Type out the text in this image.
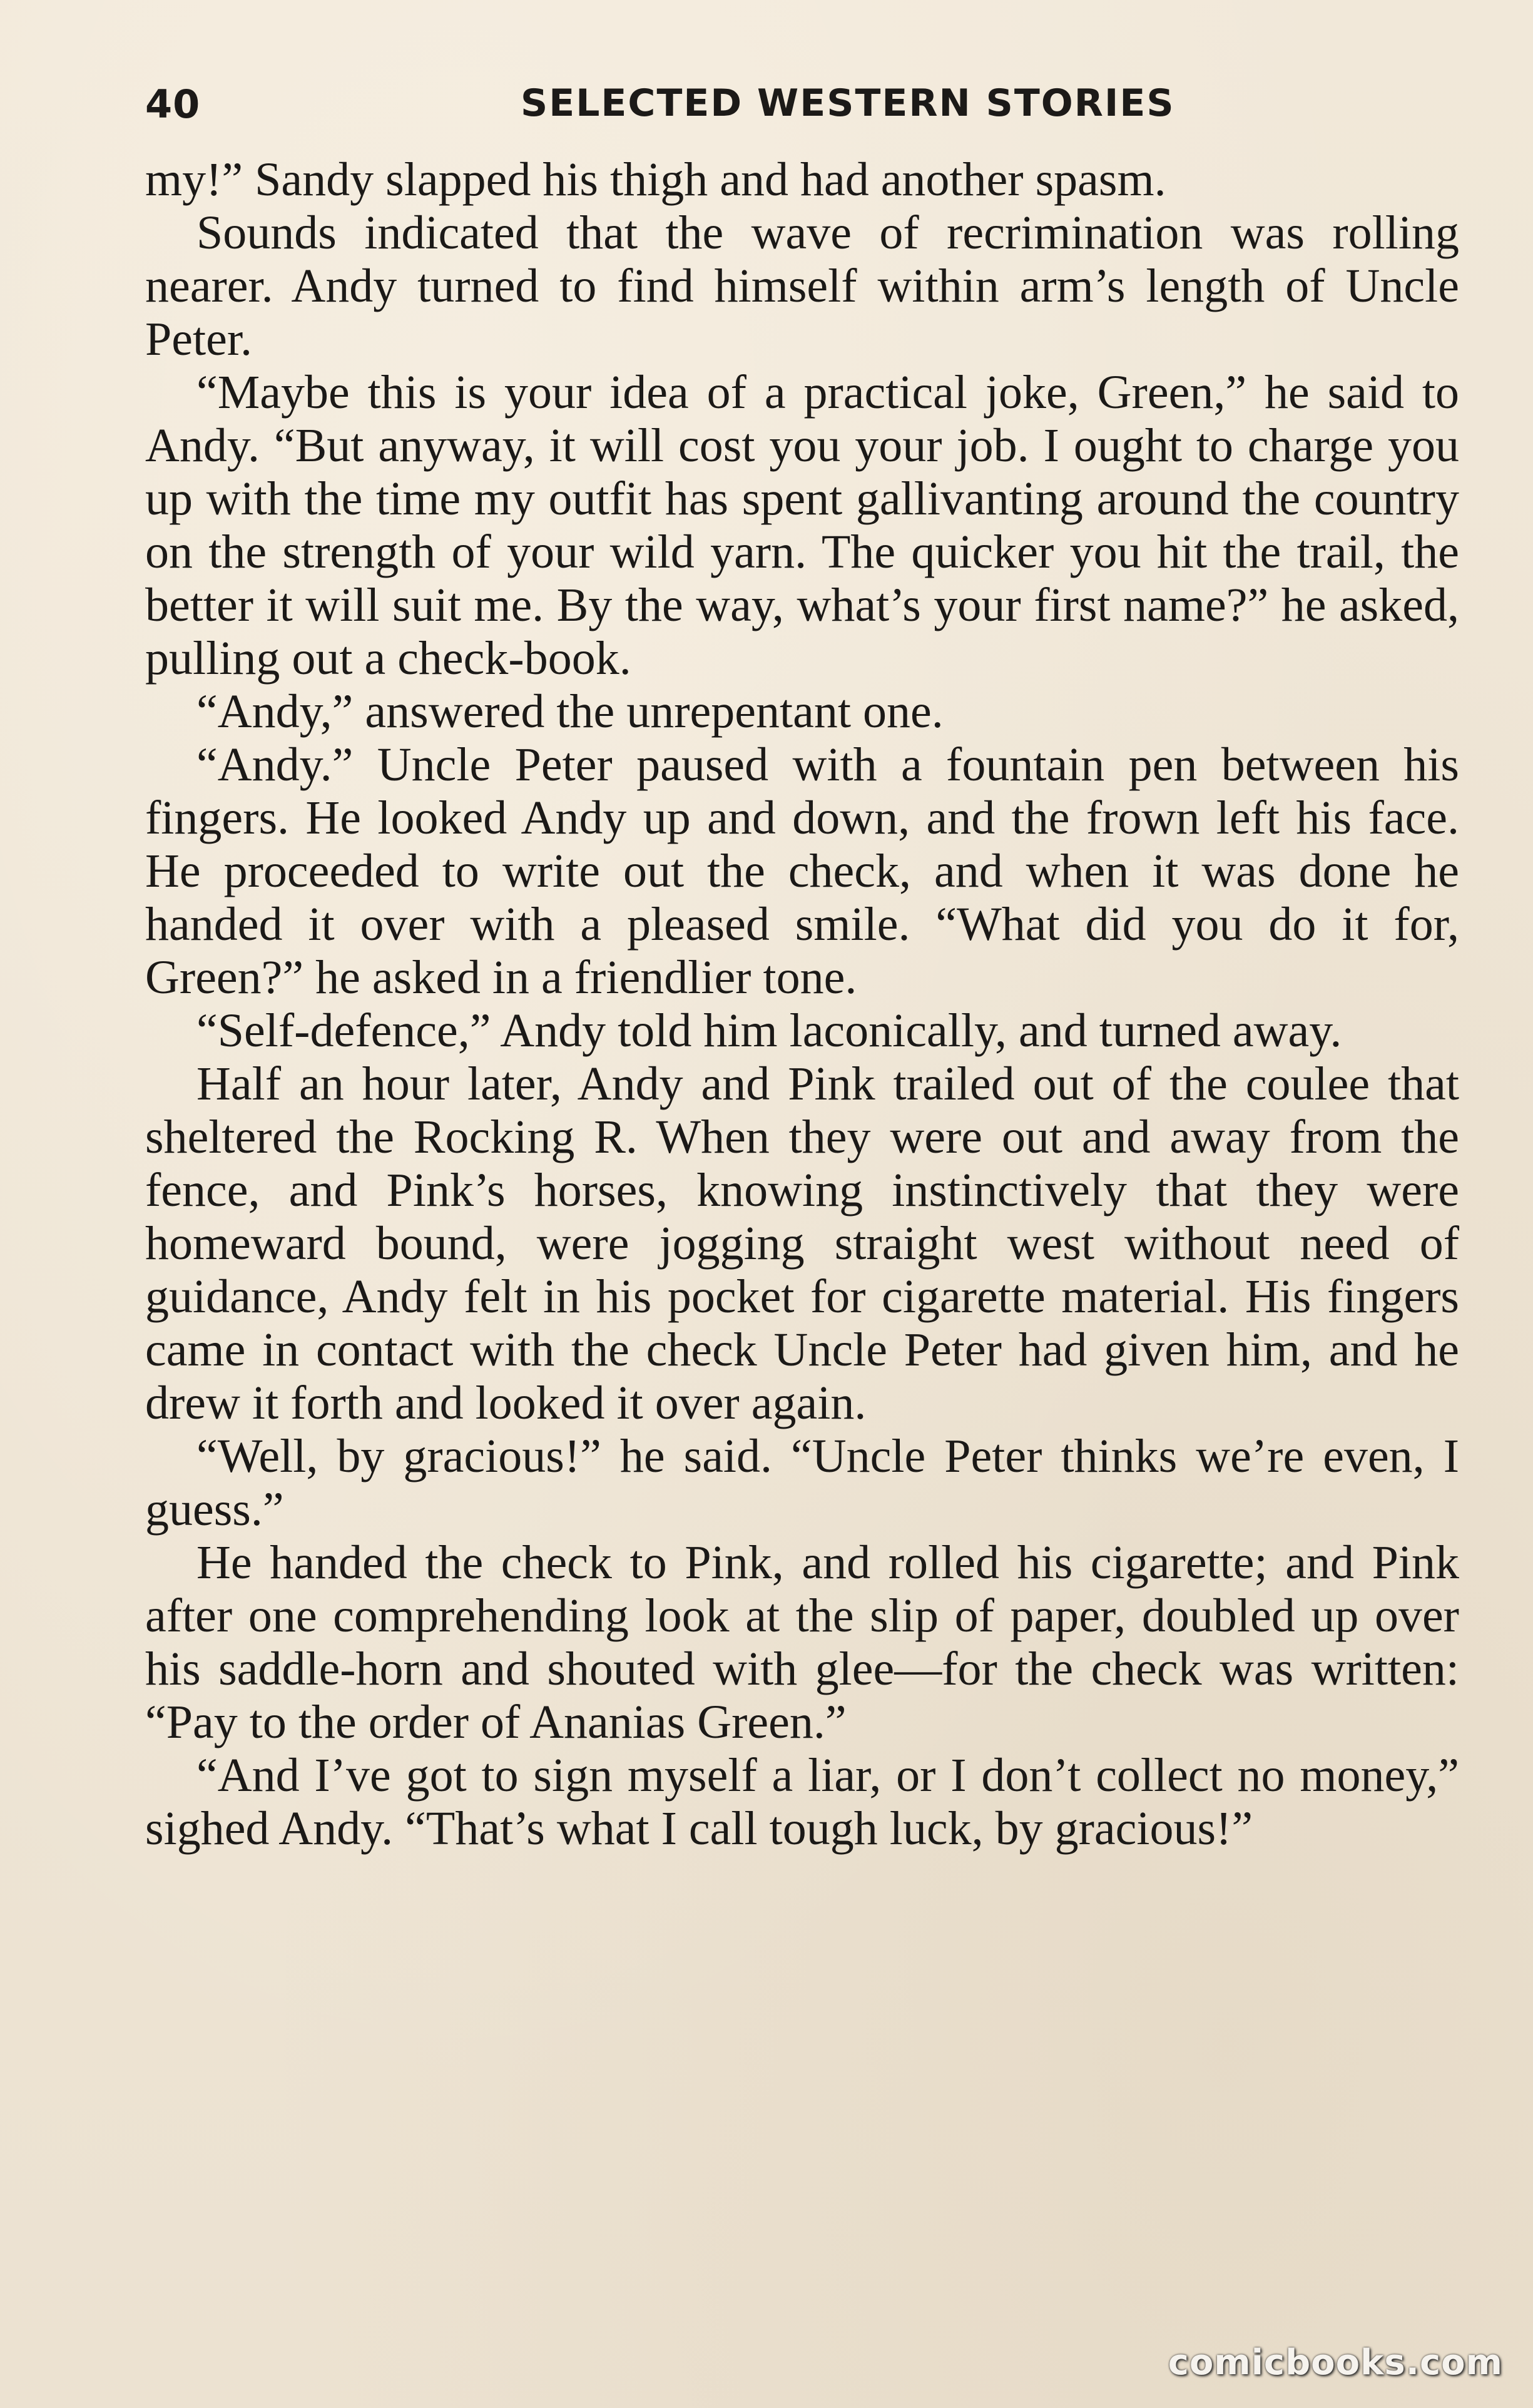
40	SELECTED WESTERN STORIES

my!” Sandy slapped his thigh and had another spasm.

Sounds indicated that the wave of recrimination was rolling nearer. Andy turned to find himself within arm’s length of Uncle Peter.

“Maybe this is your idea of a practical joke, Green,” he said to Andy. “But anyway, it will cost you your job. I ought to charge you up with the time my outfit has spent gallivanting around the country on the strength of your wild yarn. The quicker you hit the trail, the better it will suit me. By the way, what’s your first name?” he asked, pulling out a check-book.

“Andy,” answered the unrepentant one.

“Andy.” Uncle Peter paused with a fountain pen between his fingers. He looked Andy up and down, and the frown left his face. He proceeded to write out the check, and when it was done he handed it over with a pleased smile. “What did you do it for, Green?” he asked in a friendlier tone.

“Self-defence,” Andy told him laconically, and turned away.

Half an hour later, Andy and Pink trailed out of the coulee that sheltered the Rocking R. When they were out and away from the fence, and Pink’s horses, knowing instinctively that they were homeward bound, were jogging straight west without need of guidance, Andy felt in his pocket for cigarette material. His fingers came in contact with the check Uncle Peter had given him, and he drew it forth and looked it over again.

“Well, by gracious!” he said. “Uncle Peter thinks we’re even, I guess.”

He handed the check to Pink, and rolled his cigarette; and Pink after one comprehending look at the slip of paper, doubled up over his saddle-horn and shouted with glee—for the check was written: “Pay to the order of Ananias Green.”

“And I’ve got to sign myself a liar, or I don’t collect no money,” sighed Andy. “That’s what I call tough luck, by gracious!”

comicbooks.com
